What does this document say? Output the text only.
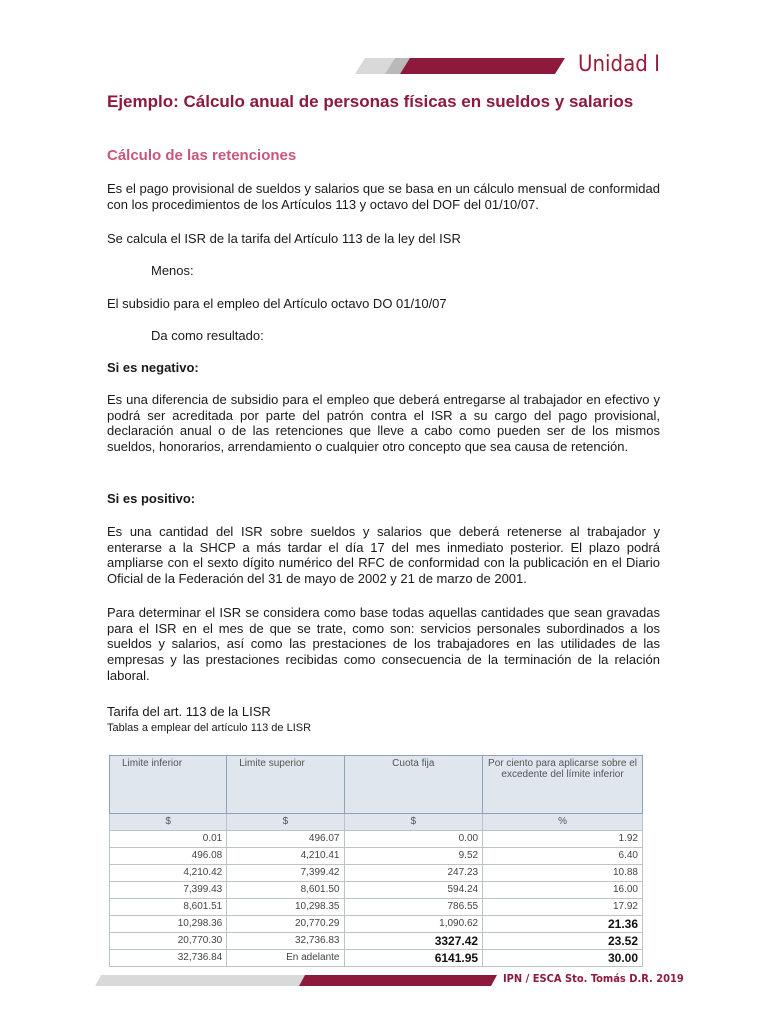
Unidad I
Ejemplo: Cálculo anual de personas físicas en sueldos y salarios
Cálculo de las retenciones
Es el pago provisional de sueldos y salarios que se basa en un cálculo mensual de conformidad con los procedimientos de los Artículos 113 y octavo del DOF del 01/10/07.
Se calcula el ISR de la tarifa del Artículo 113 de la ley del ISR
Menos:
El subsidio para el empleo del Artículo octavo DO 01/10/07
Da como resultado:
Si es negativo:
Es una diferencia de subsidio para el empleo que deberá entregarse al trabajador en efectivo y podrá ser acreditada por parte del patrón contra el ISR a su cargo del pago provisional, declaración anual o de las retenciones que lleve a cabo como pueden ser de los mismos sueldos, honorarios, arrendamiento o cualquier otro concepto que sea causa de retención.
Si es positivo:
Es una cantidad del ISR sobre sueldos y salarios que deberá retenerse al trabajador y enterarse a la SHCP a más tardar el día 17 del mes inmediato posterior. El plazo podrá ampliarse con el sexto dígito numérico del RFC de conformidad con la publicación en el Diario Oficial de la Federación del 31 de mayo de 2002 y 21 de marzo de 2001.
Para determinar el ISR se considera como base todas aquellas cantidades que sean gravadas para el ISR en el mes de que se trate, como son: servicios personales subordinados a los sueldos y salarios, así como las prestaciones de los trabajadores en las utilidades de las empresas y las prestaciones recibidas como consecuencia de la terminación de la relación laboral.
Tarifa del art. 113 de la LISR
Tablas a emplear del artículo 113 de LISR
Limite inferior	Limite superior	Cuota fija	Por ciento para aplicarse sobre el excedente del límite inferior
$	$	$	%
0.01	496.07	0.00	1.92
496.08	4,210.41	9.52	6.40
4,210.42	7,399.42	247.23	10.88
7,399.43	8,601.50	594.24	16.00
8,601.51	10,298.35	786.55	17.92
10,298.36	20,770.29	1,090.62	21.36
20,770.30	32,736.83	3327.42	23.52
32,736.84	En adelante	6141.95	30.00
IPN / ESCA Sto. Tomás D.R. 2019
